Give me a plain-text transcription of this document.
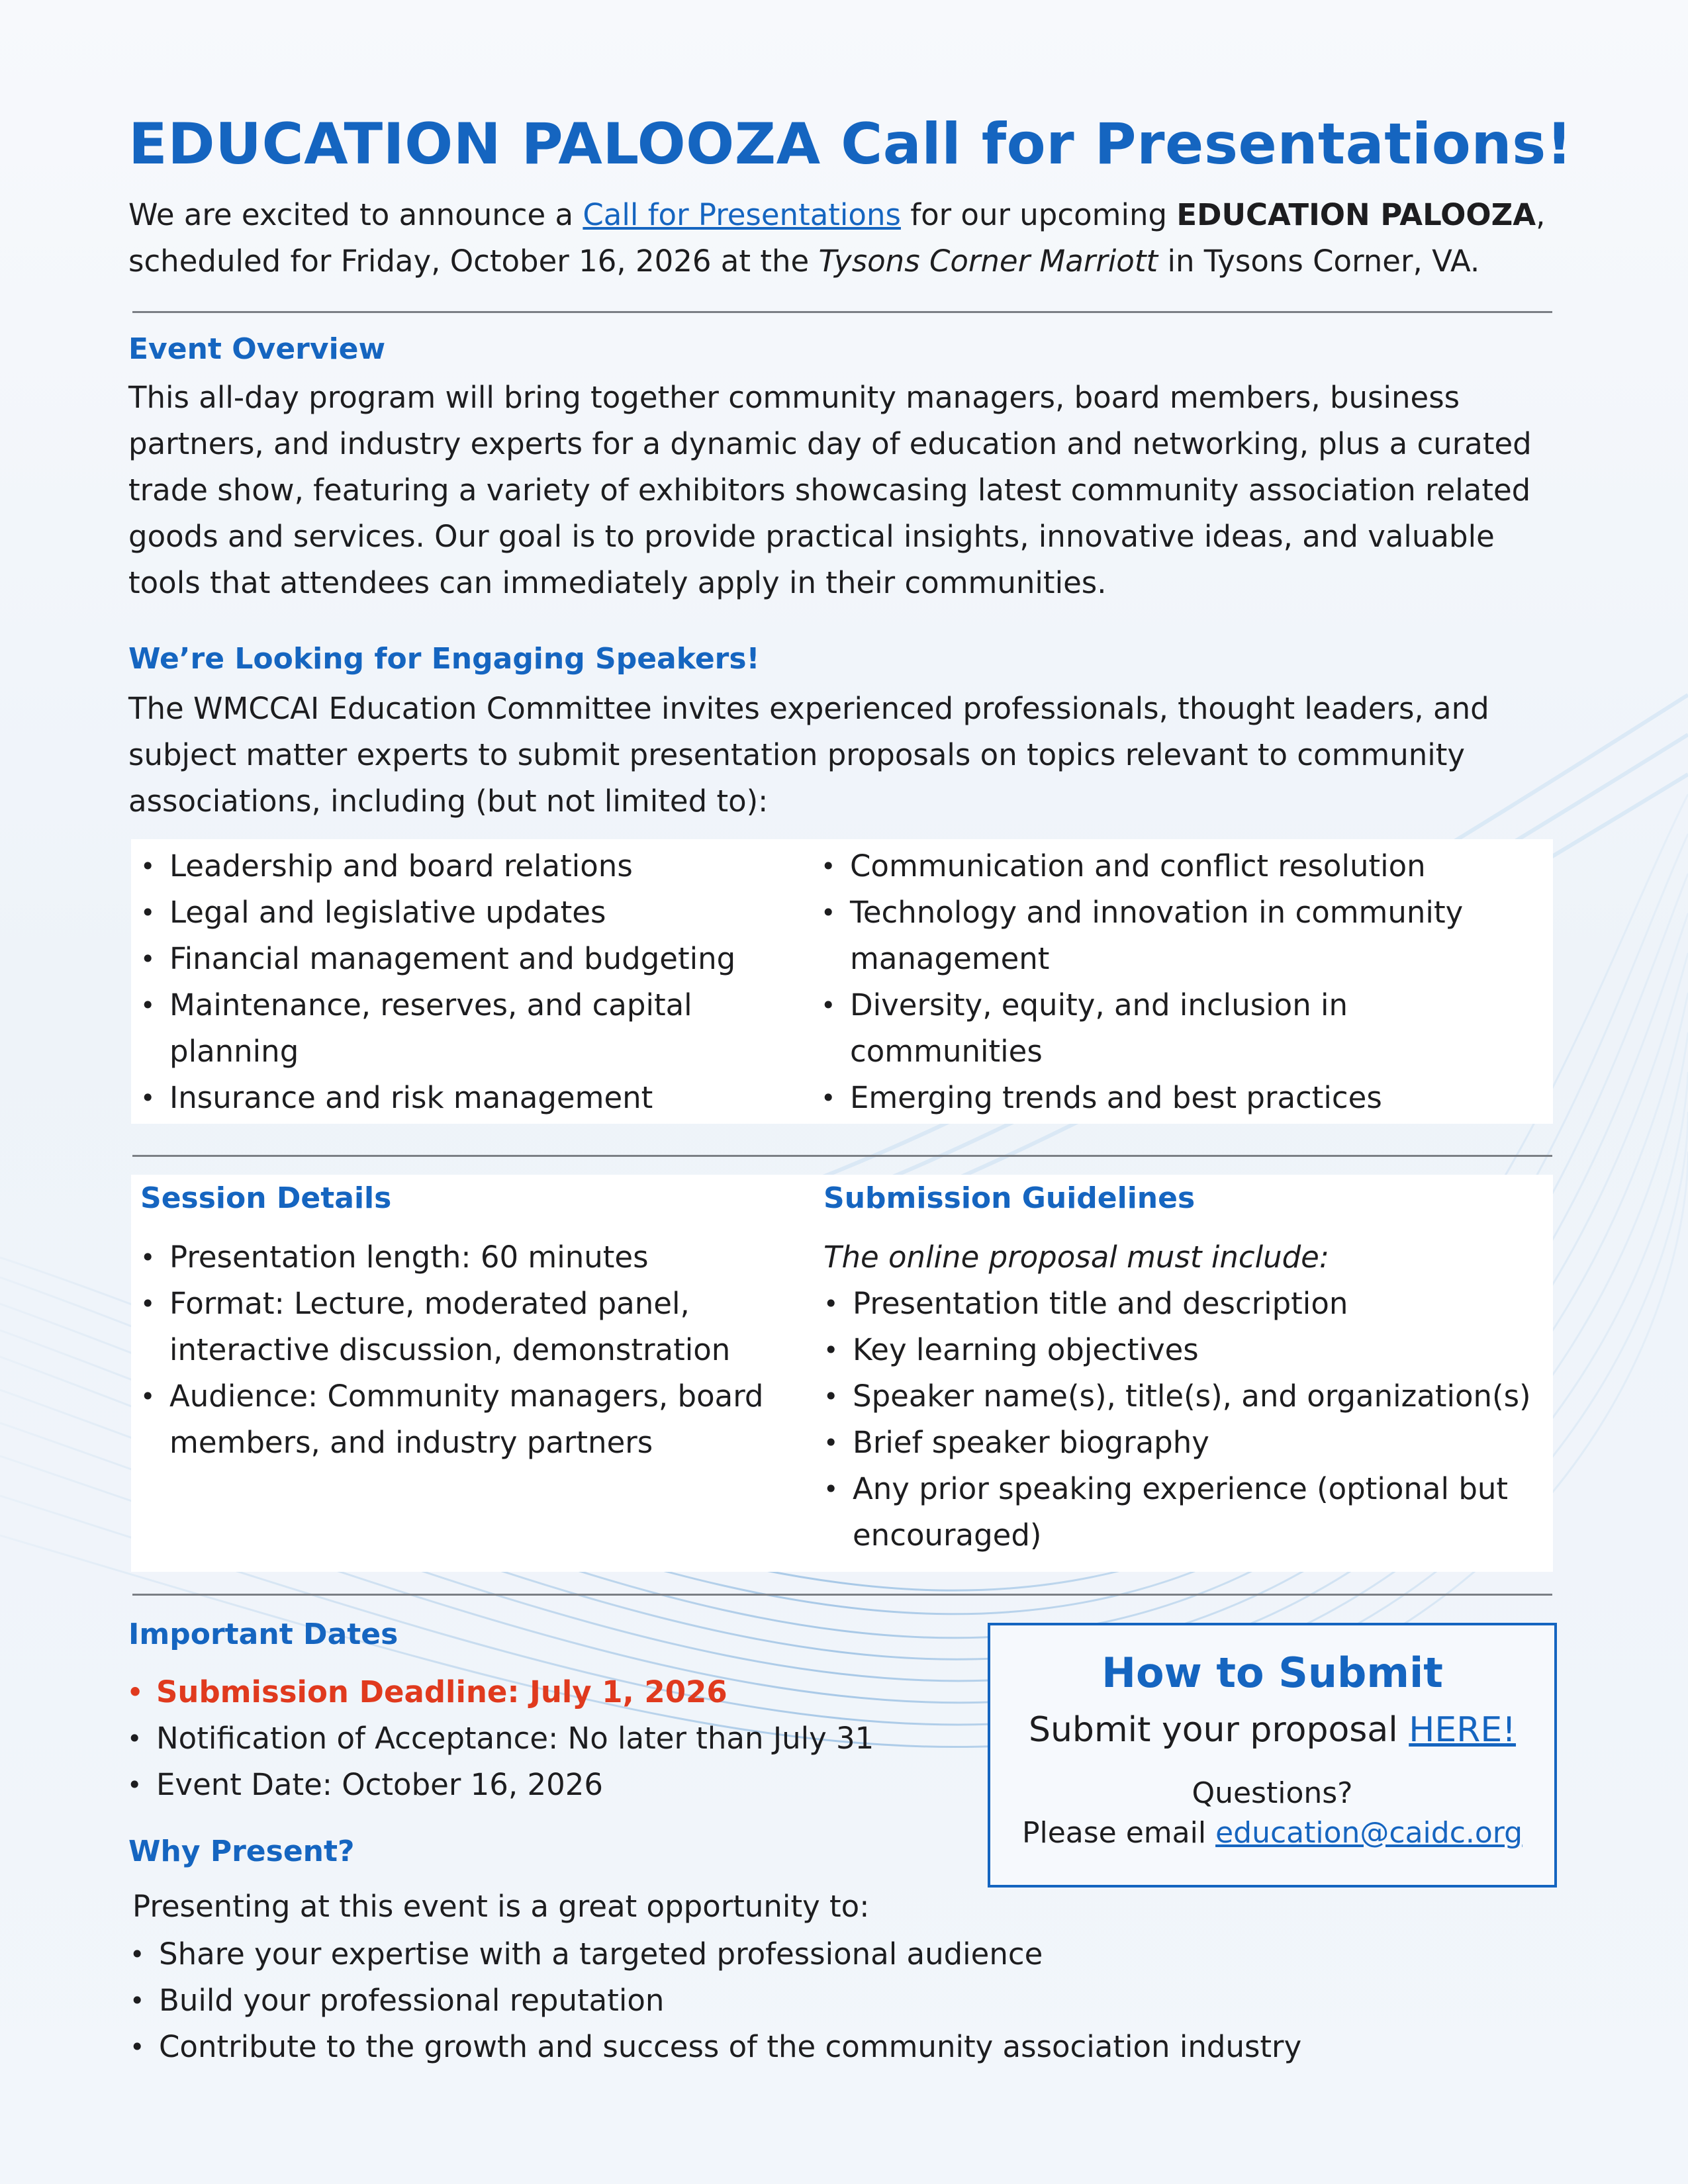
EDUCATION PALOOZA Call for Presentations!
We are excited to announce a Call for Presentations for our upcoming EDUCATION PALOOZA,
scheduled for Friday, October 16, 2026 at the Tysons Corner Marriott in Tysons Corner, VA.
Event Overview
This all-day program will bring together community managers, board members, business
partners, and industry experts for a dynamic day of education and networking, plus a curated
trade show, featuring a variety of exhibitors showcasing latest community association related
goods and services. Our goal is to provide practical insights, innovative ideas, and valuable
tools that attendees can immediately apply in their communities.
We’re Looking for Engaging Speakers!
The WMCCAI Education Committee invites experienced professionals, thought leaders, and
subject matter experts to submit presentation proposals on topics relevant to community
associations, including (but not limited to):
• Leadership and board relations
• Legal and legislative updates
• Financial management and budgeting
• Maintenance, reserves, and capital planning
• Insurance and risk management
• Communication and conflict resolution
• Technology and innovation in community management
• Diversity, equity, and inclusion in communities
• Emerging trends and best practices
Session Details
• Presentation length: 60 minutes
• Format: Lecture, moderated panel, interactive discussion, demonstration
• Audience: Community managers, board members, and industry partners
Submission Guidelines
The online proposal must include:
• Presentation title and description
• Key learning objectives
• Speaker name(s), title(s), and organization(s)
• Brief speaker biography
• Any prior speaking experience (optional but encouraged)
Important Dates
• Submission Deadline: July 1, 2026
• Notification of Acceptance: No later than July 31
• Event Date: October 16, 2026
Why Present?
Presenting at this event is a great opportunity to:
• Share your expertise with a targeted professional audience
• Build your professional reputation
• Contribute to the growth and success of the community association industry
How to Submit
Submit your proposal HERE!
Questions?
Please email education@caidc.org
